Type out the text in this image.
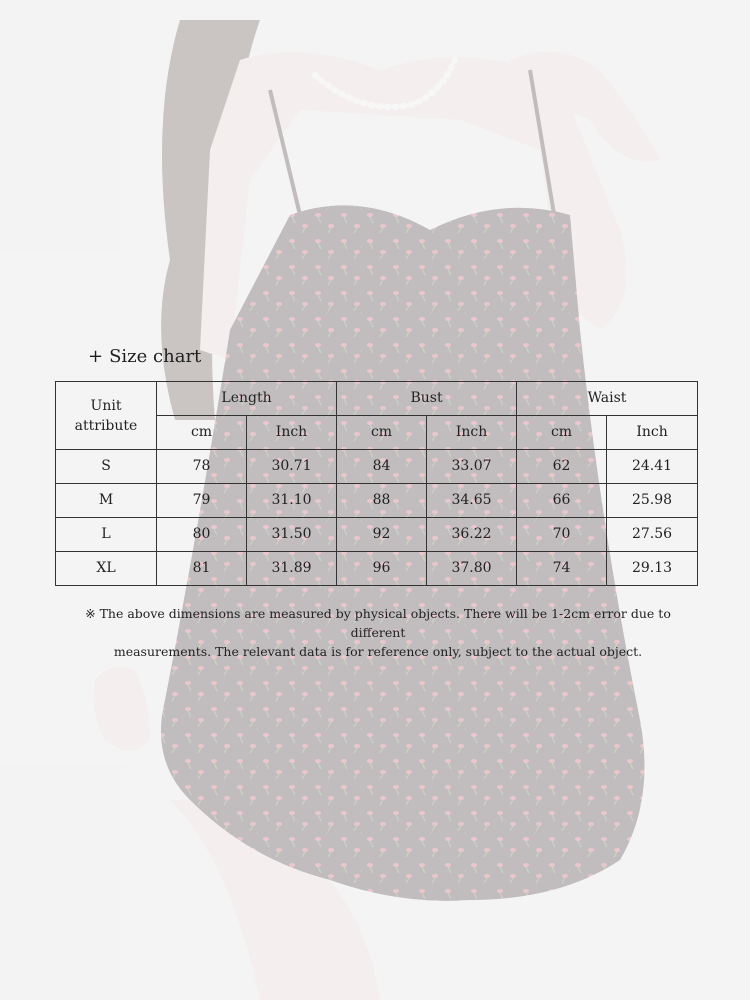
+ Size chart
Unit
attribute	Length		Bust		Waist	
	cm	Inch	cm	Inch	cm	Inch
S	78	30.71	84	33.07	62	24.41
M	79	31.10	88	34.65	66	25.98
L	80	31.50	92	36.22	70	27.56
XL	81	31.89	96	37.80	74	29.13
※ The above dimensions are measured by physical objects. There will be 1-2cm error due to different
measurements. The relevant data is for reference only, subject to the actual object.
